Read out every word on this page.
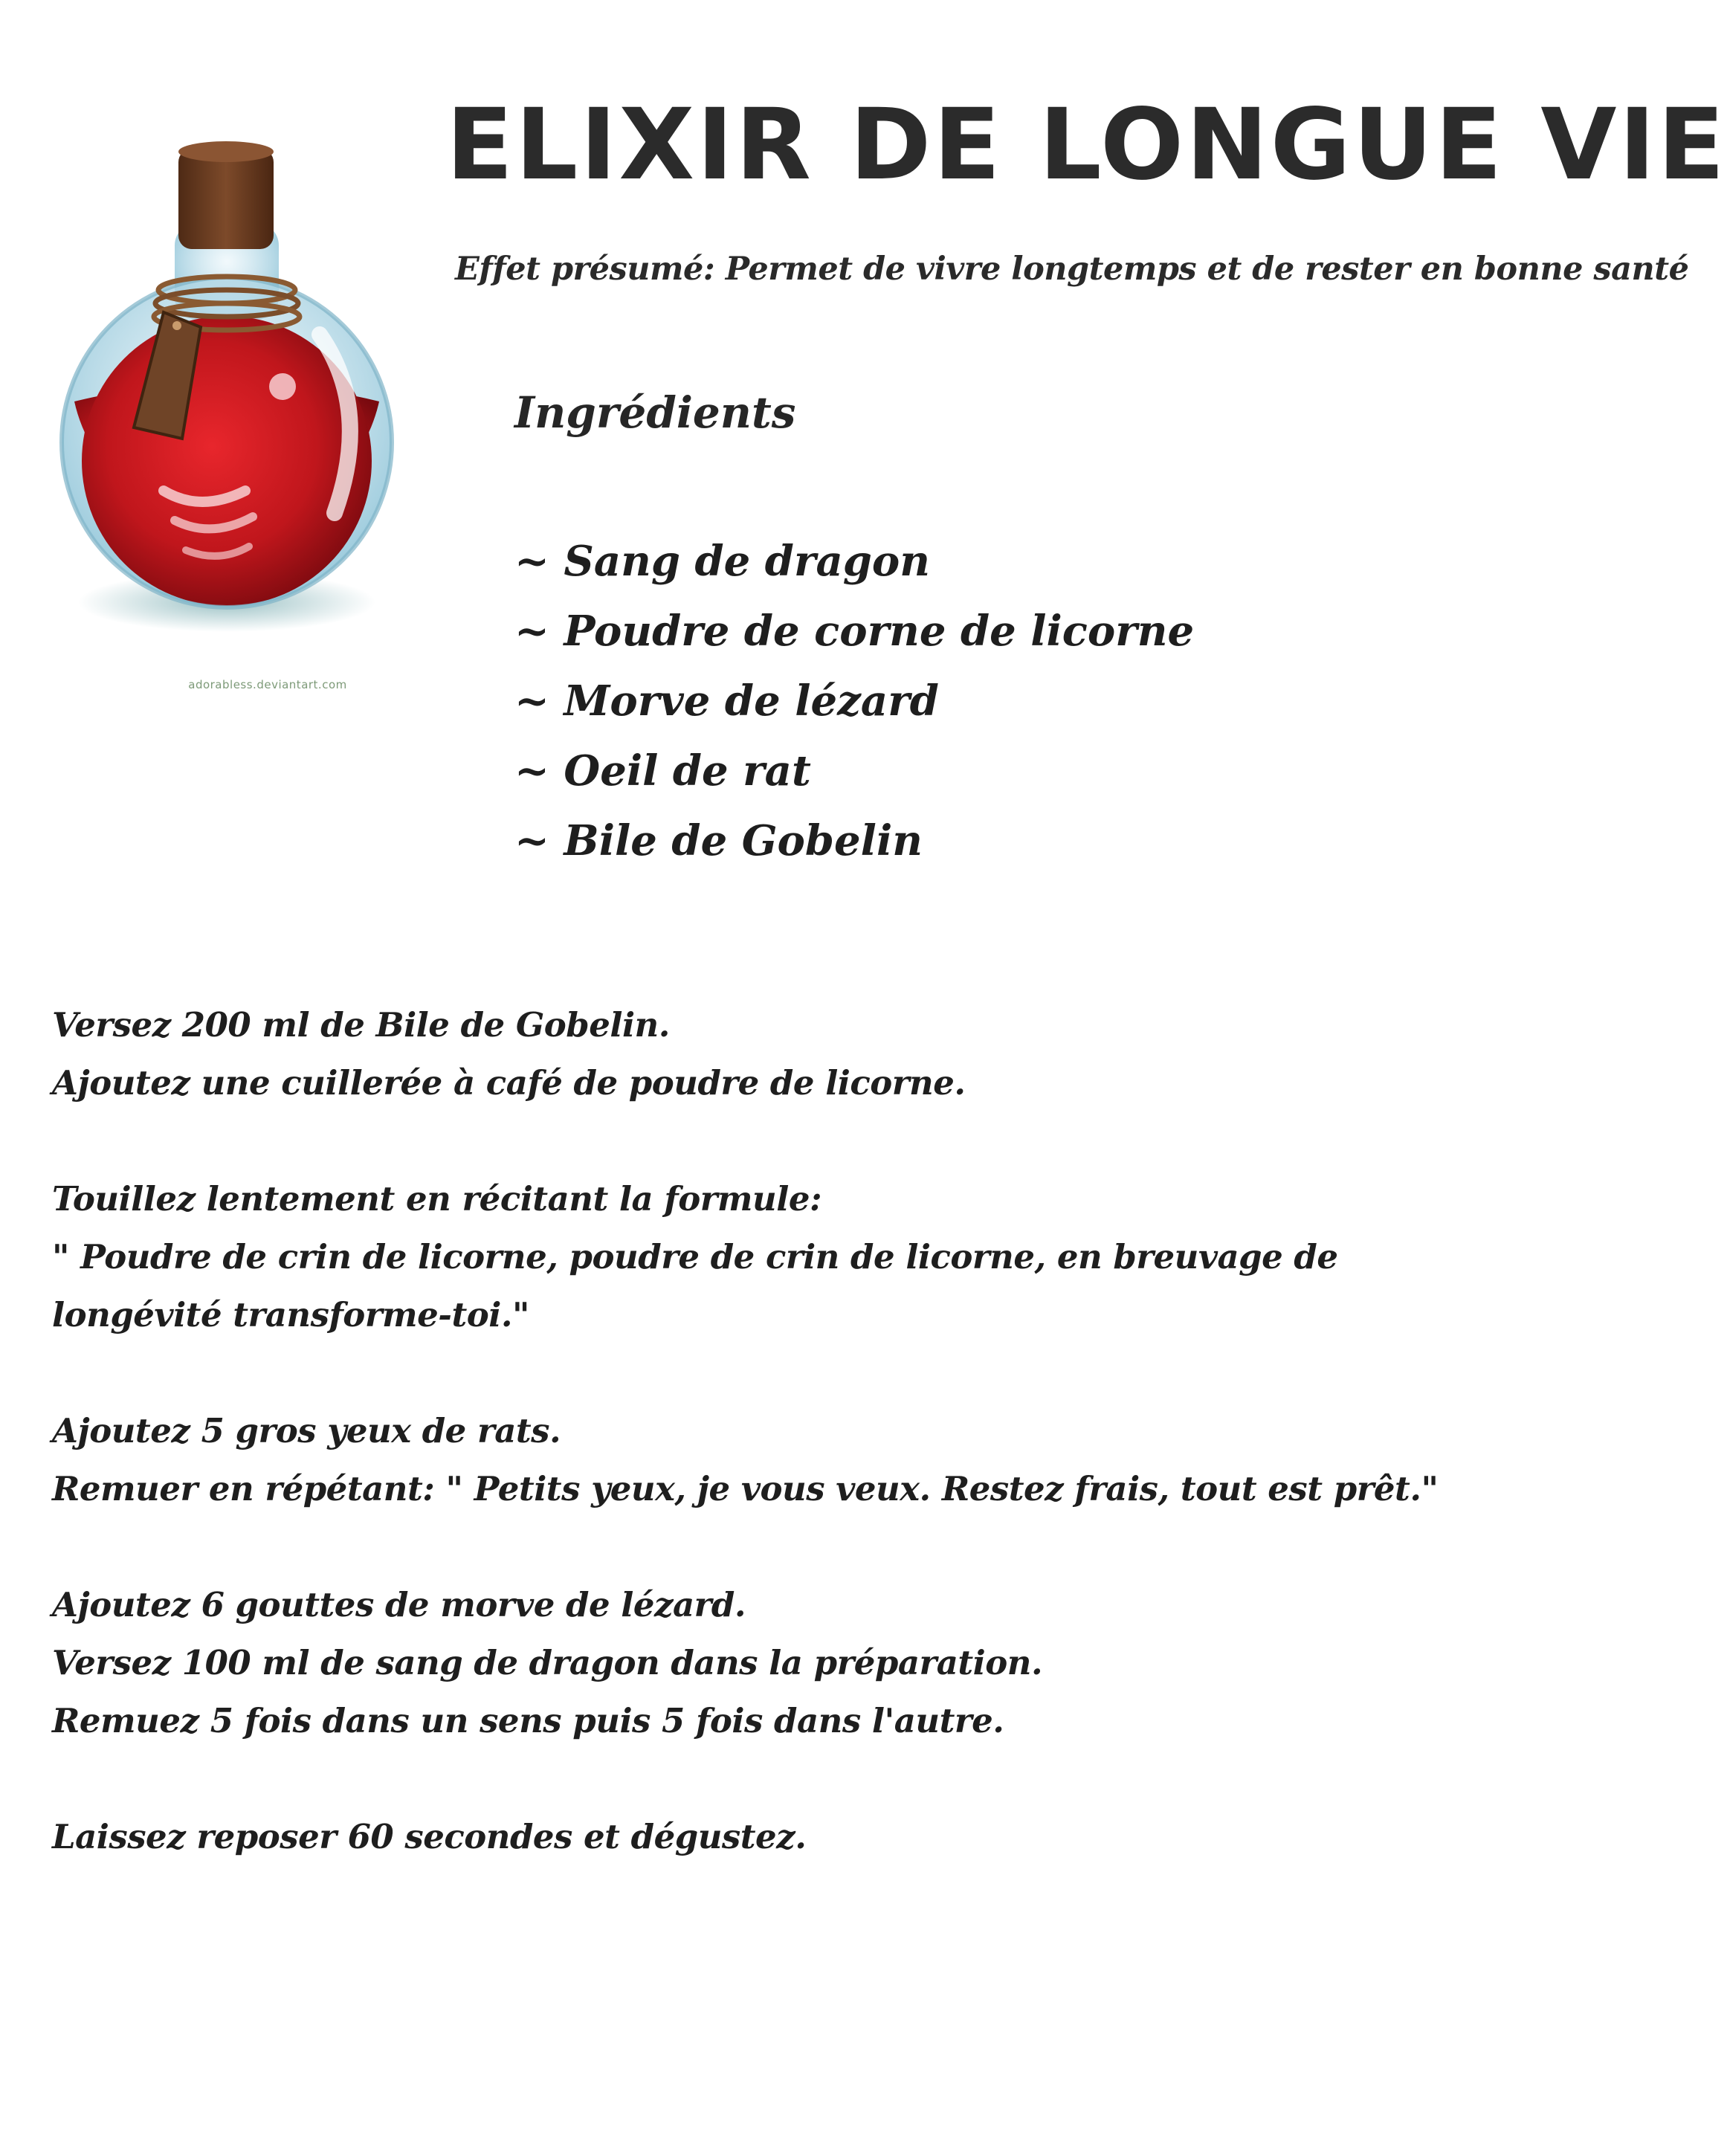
adorabless.deviantart.com
ELIXIR DE LONGUE VIE

Effet présumé: Permet de vivre longtemps et de rester en bonne santé

Ingrédients
~ Sang de dragon
~ Poudre de corne de licorne
~ Morve de lézard
~ Oeil de rat
~ Bile de Gobelin

Versez 200 ml de Bile de Gobelin.

Ajoutez une cuillerée à café de poudre de licorne.

Touillez lentement en récitant la formule:

" Poudre de crin de licorne, poudre de crin de licorne, en breuvage de

longévité transforme-toi."

Ajoutez 5 gros yeux de rats.

Remuer en répétant: " Petits yeux, je vous veux. Restez frais, tout est prêt."

Ajoutez 6 gouttes de morve de lézard.

Versez 100 ml de sang de dragon dans la préparation.

Remuez 5 fois dans un sens puis 5 fois dans l'autre.

Laissez reposer 60 secondes et dégustez.
